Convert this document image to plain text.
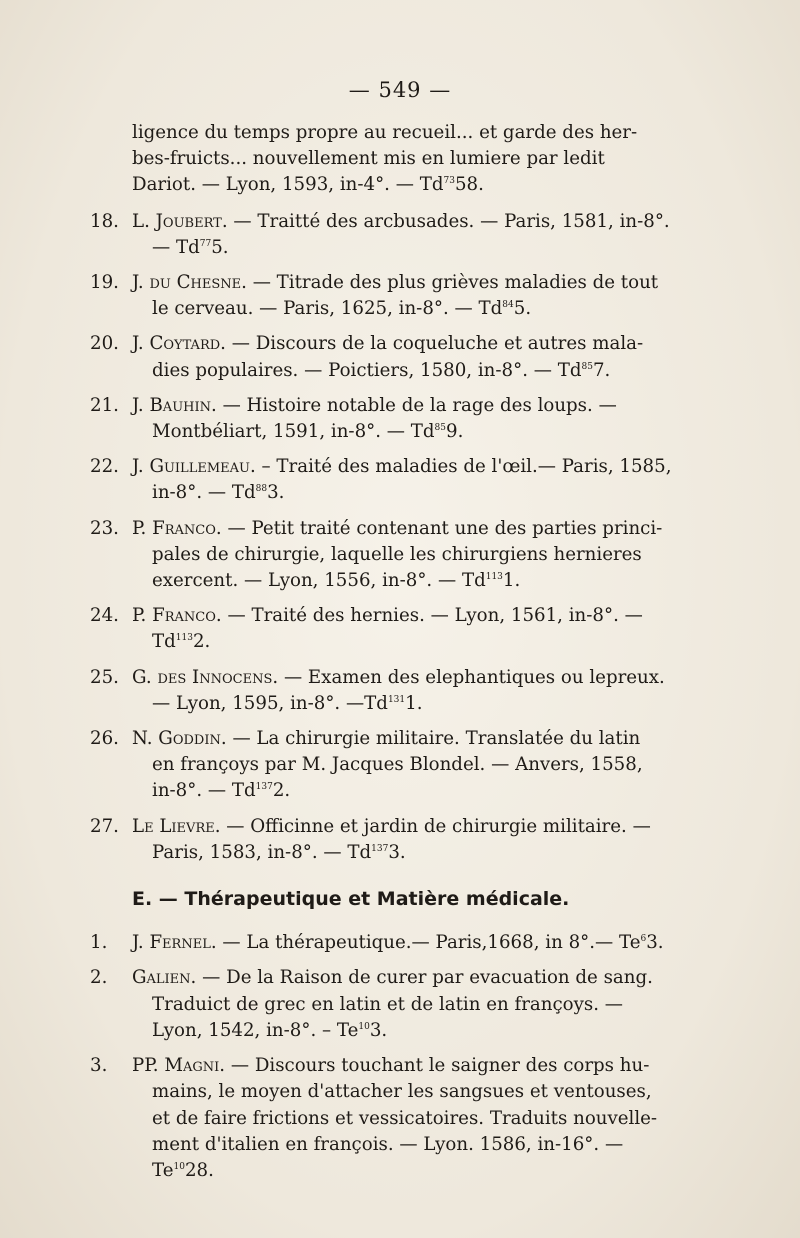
— 549 —
ligence du temps propre au recueil... et garde des her-
bes-fruicts... nouvellement mis en lumiere par ledit
Dariot. — Lyon, 1593, in-4°. — Td$^{73}$58.
18. L. Joubert. — Traitté des arcbusades. — Paris, 1581, in-8°.
— Td$^{77}$5.
19. J. du Chesne. — Titrade des plus grièves maladies de tout
le cerveau. — Paris, 1625, in-8°. — Td$^{84}$5.
20. J. Coytard. — Discours de la coqueluche et autres mala-
dies populaires. — Poictiers, 1580, in-8°. — Td$^{85}$7.
21. J. Bauhin. — Histoire notable de la rage des loups. —
Montbéliart, 1591, in-8°. — Td$^{85}$9.
22. J. Guillemeau. – Traité des maladies de l'œil.— Paris, 1585,
in-8°. — Td$^{88}$3.
23. P. Franco. — Petit traité contenant une des parties princi-
pales de chirurgie, laquelle les chirurgiens hernieres
exercent. — Lyon, 1556, in-8°. — Td$^{113}$1.
24. P. Franco. — Traité des hernies. — Lyon, 1561, in-8°. —
Td$^{113}$2.
25. G. des Innocens. — Examen des elephantiques ou lepreux.
— Lyon, 1595, in-8°. —Td$^{131}$1.
26. N. Goddin. — La chirurgie militaire. Translatée du latin
en françoys par M. Jacques Blondel. — Anvers, 1558,
in-8°. — Td$^{137}$2.
27. Le Lievre. — Officinne et jardin de chirurgie militaire. —
Paris, 1583, in-8°. — Td$^{137}$3.
E. — Thérapeutique et Matière médicale.
1. J. Fernel. — La thérapeutique.— Paris,1668, in 8°.— Te$^6$3.
2. Galien. — De la Raison de curer par evacuation de sang.
Traduict de grec en latin et de latin en françoys. —
Lyon, 1542, in-8°. – Te$^{10}$3.
3. PP. Magni. — Discours touchant le saigner des corps hu-
mains, le moyen d'attacher les sangsues et ventouses,
et de faire frictions et vessicatoires. Traduits nouvelle-
ment d'italien en françois. — Lyon. 1586, in-16°. —
Te$^{10}$28.
